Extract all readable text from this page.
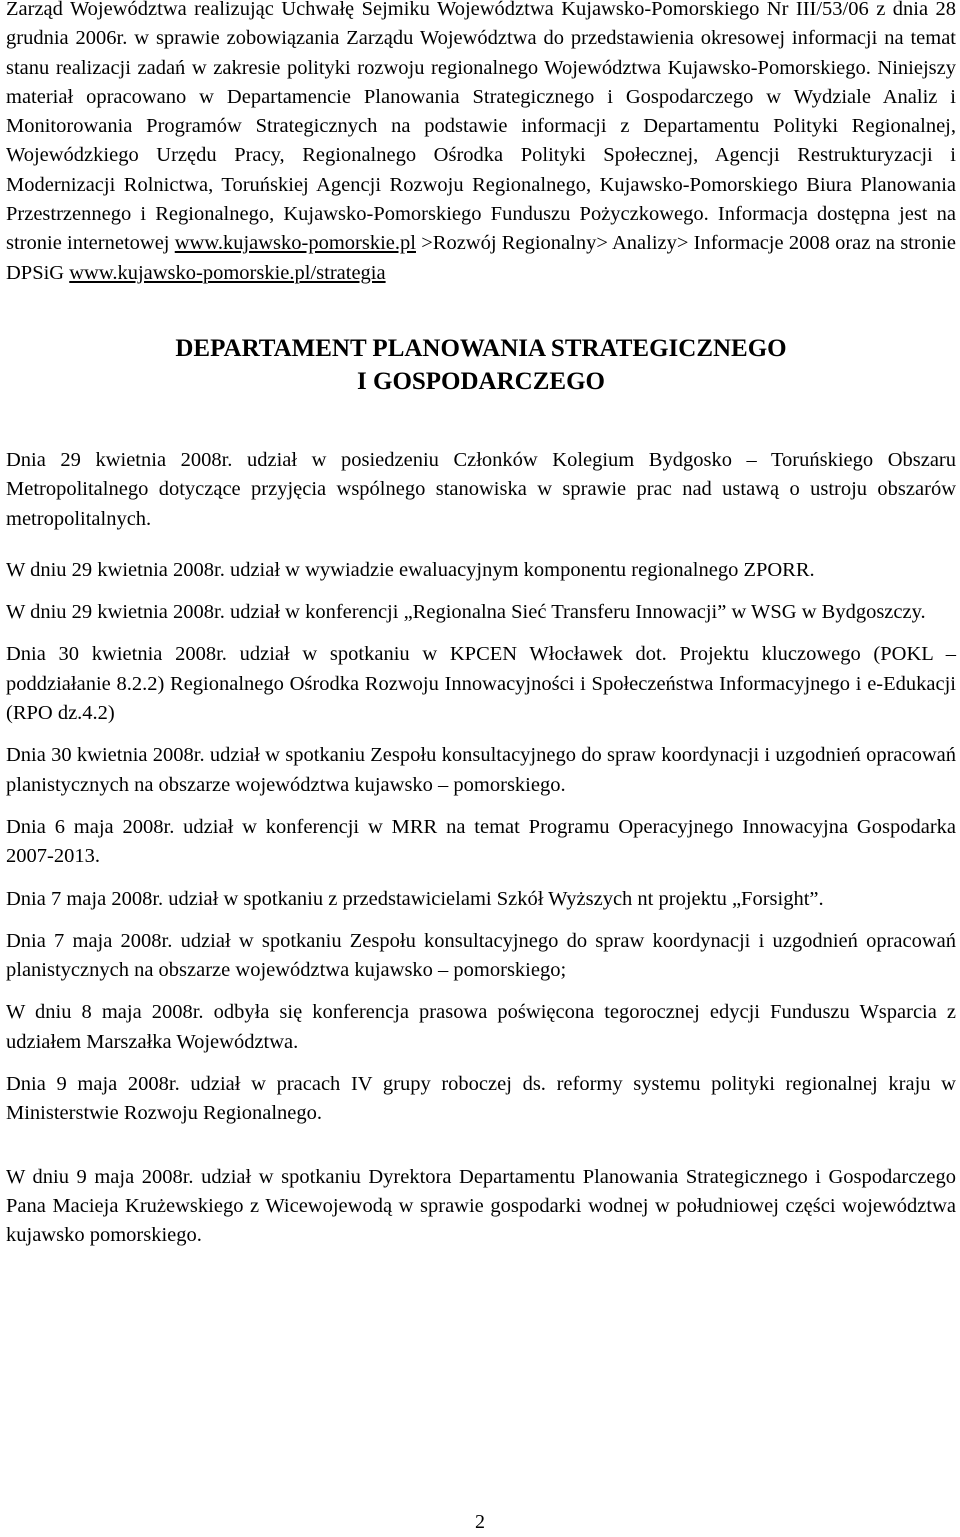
Zarząd Województwa realizując Uchwałę Sejmiku Województwa Kujawsko-Pomorskiego Nr III/53/06 z dnia 28 grudnia 2006r. w sprawie zobowiązania Zarządu Województwa do przedstawienia okresowej informacji na temat stanu realizacji zadań w zakresie polityki rozwoju regionalnego Województwa Kujawsko-Pomorskiego. Niniejszy materiał opracowano w Departamencie Planowania Strategicznego i Gospodarczego w Wydziale Analiz i Monitorowania Programów Strategicznych na podstawie informacji z Departamentu Polityki Regionalnej, Wojewódzkiego Urzędu Pracy, Regionalnego Ośrodka Polityki Społecznej, Agencji Restrukturyzacji i Modernizacji Rolnictwa, Toruńskiej Agencji Rozwoju Regionalnego, Kujawsko-Pomorskiego Biura Planowania Przestrzennego i Regionalnego, Kujawsko-Pomorskiego Funduszu Pożyczkowego. Informacja dostępna jest na stronie internetowej www.kujawsko-pomorskie.pl >Rozwój Regionalny> Analizy> Informacje 2008 oraz na stronie DPSiG www.kujawsko-pomorskie.pl/strategia

DEPARTAMENT PLANOWANIA STRATEGICZNEGO
I GOSPODARCZEGO

Dnia 29 kwietnia 2008r. udział w posiedzeniu Członków Kolegium Bydgosko – Toruńskiego Obszaru Metropolitalnego dotyczące przyjęcia wspólnego stanowiska w sprawie prac nad ustawą o ustroju obszarów metropolitalnych.

W dniu 29 kwietnia 2008r. udział w wywiadzie ewaluacyjnym komponentu regionalnego ZPORR.

W dniu 29 kwietnia 2008r. udział w konferencji „Regionalna Sieć Transferu Innowacji” w WSG w Bydgoszczy.

Dnia 30 kwietnia 2008r. udział w spotkaniu w KPCEN Włocławek dot. Projektu kluczowego (POKL – poddziałanie 8.2.2) Regionalnego Ośrodka Rozwoju Innowacyjności i Społeczeństwa Informacyjnego i e-Edukacji (RPO dz.4.2)

Dnia 30 kwietnia 2008r. udział w spotkaniu Zespołu konsultacyjnego do spraw koordynacji i uzgodnień opracowań planistycznych na obszarze województwa kujawsko – pomorskiego.

Dnia 6 maja 2008r. udział w konferencji w MRR na temat Programu Operacyjnego Innowacyjna Gospodarka 2007-2013.

Dnia 7 maja 2008r. udział w spotkaniu z przedstawicielami Szkół Wyższych nt projektu „Forsight”.

Dnia 7 maja 2008r. udział w spotkaniu Zespołu konsultacyjnego do spraw koordynacji i uzgodnień opracowań planistycznych na obszarze województwa kujawsko – pomorskiego;

W dniu 8 maja 2008r. odbyła się konferencja prasowa poświęcona tegorocznej edycji Funduszu Wsparcia z udziałem Marszałka Województwa.

Dnia 9 maja 2008r. udział w pracach IV grupy roboczej ds. reformy systemu polityki regionalnej kraju w Ministerstwie Rozwoju Regionalnego.

W dniu 9 maja 2008r. udział w spotkaniu Dyrektora Departamentu Planowania Strategicznego i Gospodarczego Pana Macieja Krużewskiego z Wicewojewodą w sprawie gospodarki wodnej w południowej części województwa kujawsko pomorskiego.

2
